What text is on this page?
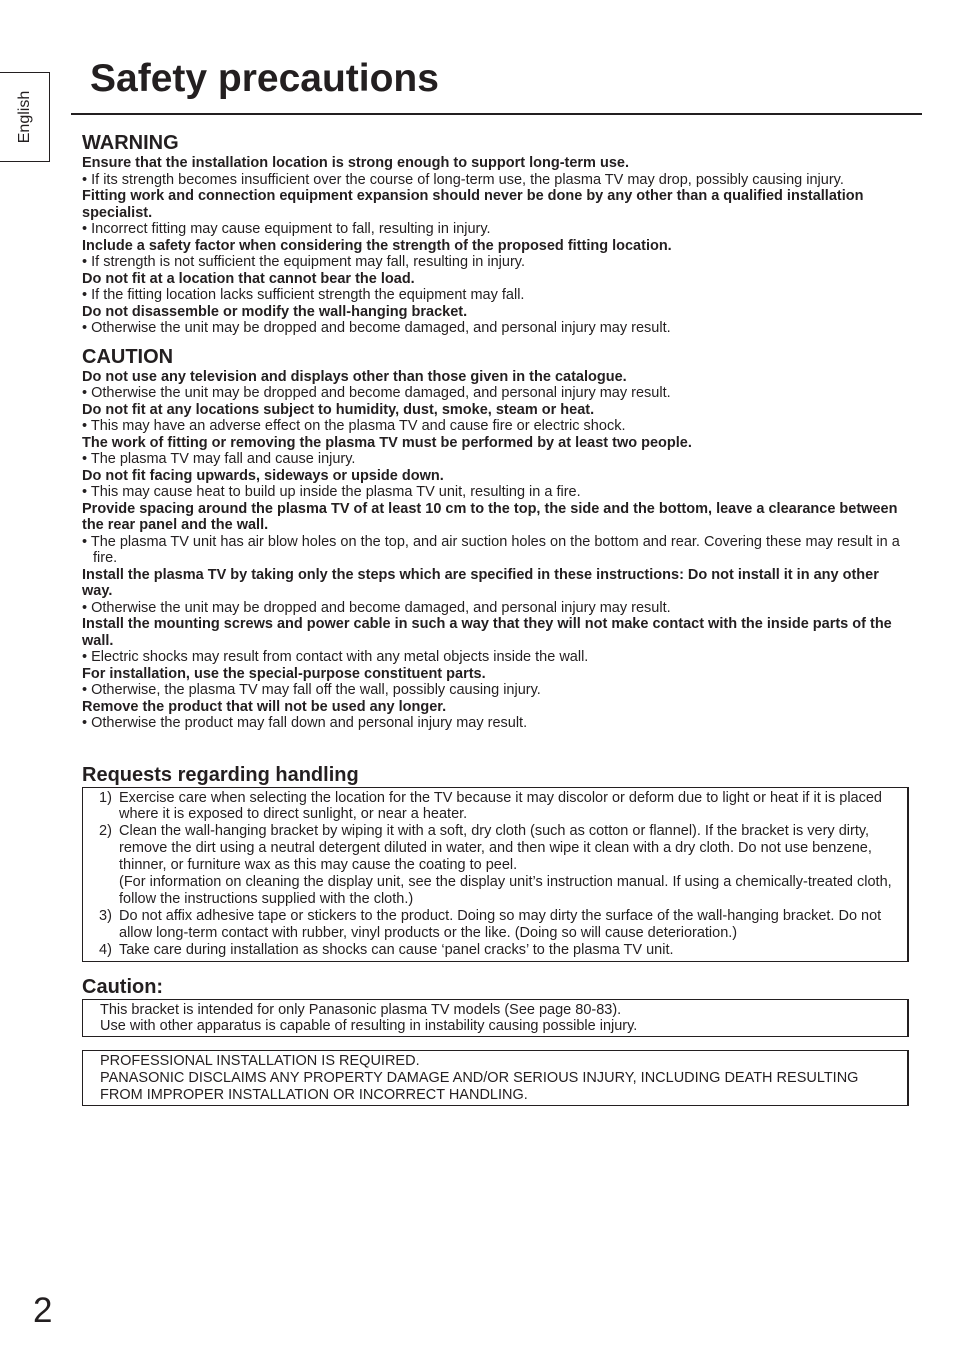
English
Safety precautions
WARNING
Ensure that the installation location is strong enough to support long-term use.
• If its strength becomes insufficient over the course of long-term use, the plasma TV may drop, possibly causing injury.
Fitting work and connection equipment expansion should never be done by any other than a qualified installation specialist.
• Incorrect fitting may cause equipment to fall, resulting in injury.
Include a safety factor when considering the strength of the proposed fitting location.
• If strength is not sufficient the equipment may fall, resulting in injury.
Do not fit at a location that cannot bear the load.
• If the fitting location lacks sufficient strength the equipment may fall.
Do not disassemble or modify the wall-hanging bracket.
• Otherwise the unit may be dropped and become damaged, and personal injury may result.
CAUTION
Do not use any television and displays other than those given in the catalogue.
• Otherwise the unit may be dropped and become damaged, and personal injury may result.
Do not fit at any locations subject to humidity, dust, smoke, steam or heat.
• This may have an adverse effect on the plasma TV and cause fire or electric shock.
The work of fitting or removing the plasma TV must be performed by at least two people.
• The plasma TV may fall and cause injury.
Do not fit facing upwards, sideways or upside down.
• This may cause heat to build up inside the plasma TV unit, resulting in a fire.
Provide spacing around the plasma TV of at least 10 cm to the top, the side and the bottom, leave a clearance between the rear panel and the wall.
• The plasma TV unit has air blow holes on the top, and air suction holes on the bottom and rear. Covering these may result in a fire.
Install the plasma TV by taking only the steps which are specified in these instructions: Do not install it in any other way.
• Otherwise the unit may be dropped and become damaged, and personal injury may result.
Install the mounting screws and power cable in such a way that they will not make contact with the inside parts of the wall.
• Electric shocks may result from contact with any metal objects inside the wall.
For installation, use the special-purpose constituent parts.
• Otherwise, the plasma TV may fall off the wall, possibly causing injury.
Remove the product that will not be used any longer.
• Otherwise the product may fall down and personal injury may result.
Requests regarding handling
1) Exercise care when selecting the location for the TV because it may discolor or deform due to light or heat if it is placed where it is exposed to direct sunlight, or near a heater.
2) Clean the wall-hanging bracket by wiping it with a soft, dry cloth (such as cotton or flannel). If the bracket is very dirty, remove the dirt using a neutral detergent diluted in water, and then wipe it clean with a dry cloth. Do not use benzene, thinner, or furniture wax as this may cause the coating to peel.
(For information on cleaning the display unit, see the display unit’s instruction manual. If using a chemically-treated cloth, follow the instructions supplied with the cloth.)
3) Do not affix adhesive tape or stickers to the product. Doing so may dirty the surface of the wall-hanging bracket. Do not allow long-term contact with rubber, vinyl products or the like. (Doing so will cause deterioration.)
4) Take care during installation as shocks can cause ‘panel cracks’ to the plasma TV unit.
Caution:
This bracket is intended for only Panasonic plasma TV models (See page 80-83).
Use with other apparatus is capable of resulting in instability causing possible injury.
PROFESSIONAL INSTALLATION IS REQUIRED.
PANASONIC DISCLAIMS ANY PROPERTY DAMAGE AND/OR SERIOUS INJURY, INCLUDING DEATH RESULTING FROM IMPROPER INSTALLATION OR INCORRECT HANDLING.
2
